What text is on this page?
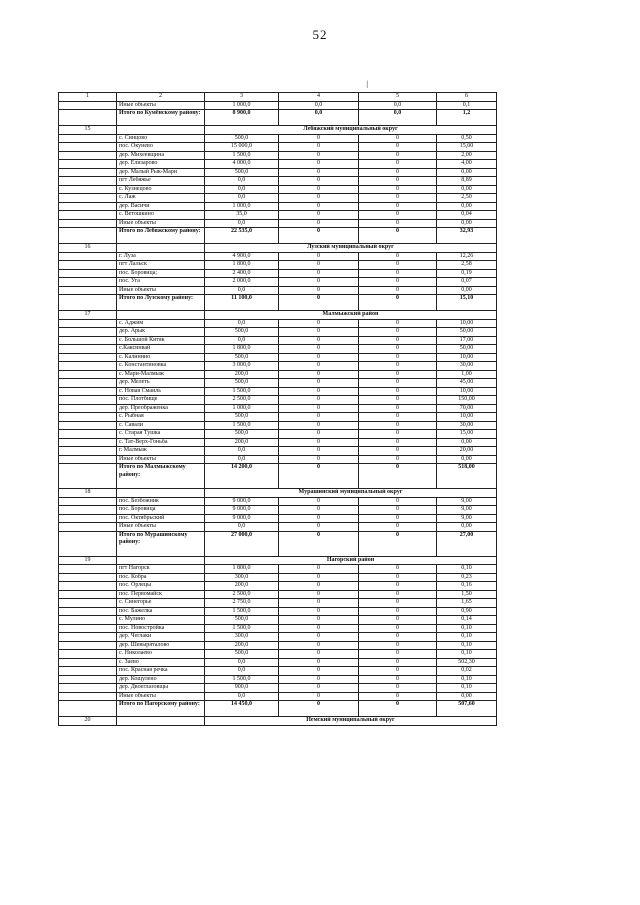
52
|
1	2	3	4	5	6
	Иные объекты	1 000,0	0,0	0,0	0,1
	Итого по Кумёнскому району:	8 900,0	0,0	0,0	1,2
15		Лебяжский муниципальный округ			
	с. Синцово	500,0	0	0	0,50
	пос. Окунево	15 000,0	0	0	15,00
	дер. Михеевщина	1 500,0	0	0	2,00
	дер. Елизарово	4 000,0	0	0	4,00
	дер. Малый Рык-Мари	500,0	0	0	0,00
	пгт Лебяжье	0,0	0	0	8,89
	с. Кузнецово	0,0	0	0	0,00
	с. Лаж	0,0	0	0	2,50
	дер. Васичи	1 000,0	0	0	0,00
	с. Ветошкино	35,0	0	0	0,04
	Иные объекты	0,0	0	0	0,00
	Итого по Лебяжскому району:	22 535,0	0	0	32,93
16		Лузский муниципальный округ			
	г. Луза	4 900,0	0	0	12,26
	пгт Лальск	1 800,0	0	0	2,58
	пос. Боровица;	2 400,0	0	0	0,19
	пос. Уга	2 000,0	0	0	0,07
	Иные объекты	0,0	0	0	0,00
	Итого по Лузскому району:	11 100,0	0	0	15,10
17		Малмыжский район			
	с. Аджим	0,0	0	0	10,00
	дер. Арык	500,0	0	0	50,00
	с. Большой Китяк	0,0	0	0	17,00
	с.Каксинвай	1 800,0	0	0	50,00
	с. Калинино	500,0	0	0	10,00
	с. Константиновка	3 000,0	0	0	30,00
	с. Мари-Малмыж	200,0	0	0	1,00
	дер. Мелеть	500,0	0	0	45,00
	с. Новая Смаиль	1 500,0	0	0	10,00
	пос. Плотбище	2 500,0	0	0	150,00
	дер. Преображенка	1 000,0	0	0	70,00
	с. Рыбная	500,0	0	0	10,00
	с. Савали	1 500,0	0	0	30,00
	с. Старая Тушка	500,0	0	0	15,00
	с. Тат-Верх-Гоньба	200,0	0	0	0,00
	г. Малмыж	0,0	0	0	20,00
	Иные объекты	0,0	0	0	0,00
	Итого по Малмыжскому району:	14 200,0	0	0	518,00
18		Мурашинский муниципальный округ			
	пос. Безбожник	9 000,0	0	0	9,00
	пос. Боровица	9 000,0	0	0	9,00
	пос. Октябрьский	9 000,0	0	0	9,00
	Иные объекты	0,0	0	0	0,00
	Итого по Мурашинскому району:	27 000,0	0	0	27,00
19		Нагорский район			
	пгт Нагорск	1 800,0	0	0	0,10
	пос. Кобра	300,0	0	0	0,23
	пос. Орлецы	200,0	0	0	0,16
	пос. Первомайск	2 500,0	0	0	1,50
	с. Синегорье	2 750,0	0	0	1,65
	пос. Бажелка	1 500,0	0	0	0,90
	с. Мулино	500,0	0	0	0,14
	пос. Новостройка	1 500,0	0	0	0,10
	дер. Чеглаки	300,0	0	0	0,10
	дер. Шевыряталово	200,0	0	0	0,10
	с. Николаево	500,0	0	0	0,10
	с. Заево	0,0	0	0	502,30
	пос. Красная речка	0,0	0	0	0,02
	дер. Кощулено	1 500,0	0	0	0,10
	дер. Двоеглазовщы	900,0	0	0	0,10
	Иные объекты	0,0	0	0	0,00
	Итого по Нагорскому району:	14 450,0	0	0	507,60
20		Немский муниципальный округ			
